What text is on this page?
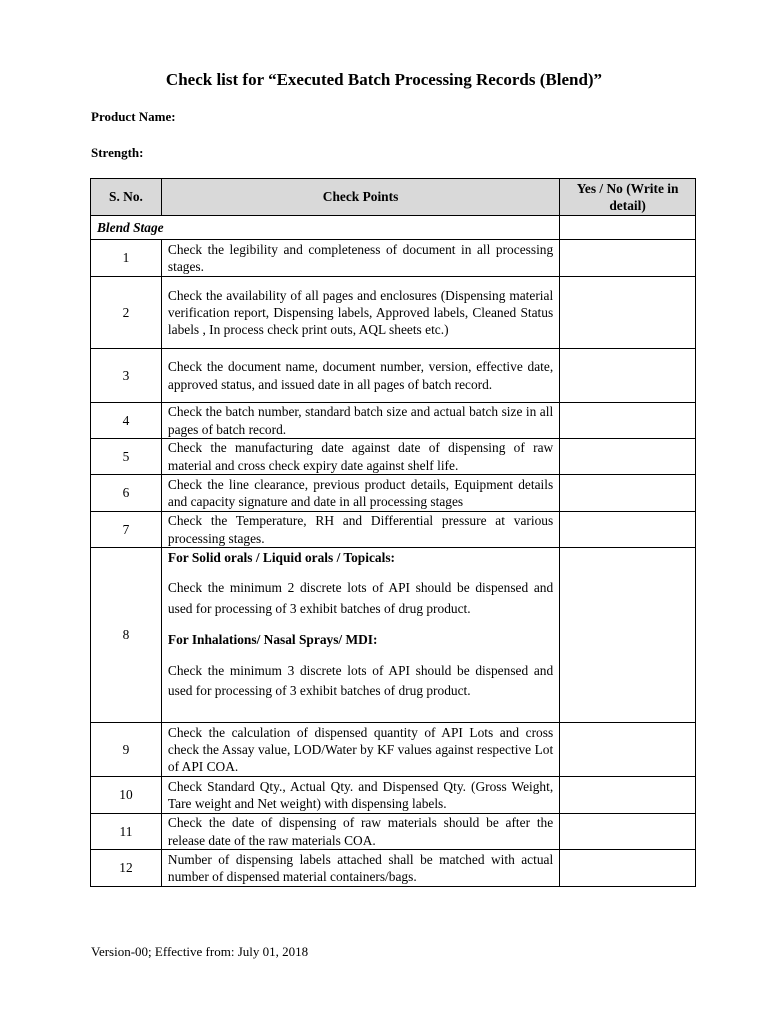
Check list for “Executed Batch Processing Records (Blend)”
Product Name:
Strength:
S. No.	Check Points	Yes / No (Write in detail)
Blend Stage		
1	Check the legibility and completeness of document in all processing stages.	
2	Check the availability of all pages and enclosures (Dispensing material verification report, Dispensing labels, Approved labels, Cleaned Status labels , In process check print outs, AQL sheets etc.)	
3	Check the document name, document number, version, effective date, approved status, and issued date in all pages of batch record.	
4	Check the batch number, standard batch size and actual batch size in all pages of batch record.	
5	Check the manufacturing date against date of dispensing of raw material and cross check expiry date against shelf life.	
6	Check the line clearance, previous product details, Equipment details and capacity signature and date in all processing stages	
7	Check the Temperature, RH and Differential pressure at various processing stages.	
8	For Solid orals / Liquid orals / Topicals:
Check the minimum 2 discrete lots of API should be dispensed and used for processing of 3 exhibit batches of drug product.
For Inhalations/ Nasal Sprays/ MDI:
Check the minimum 3 discrete lots of API should be dispensed and used for processing of 3 exhibit batches of drug product.	

9	Check the calculation of dispensed quantity of API Lots and cross check the Assay value, LOD/Water by KF values against respective Lot of API COA.	
10	Check Standard Qty., Actual Qty. and Dispensed Qty. (Gross Weight, Tare weight and Net weight) with dispensing labels.	
11	Check the date of dispensing of raw materials should be after the release date of the raw materials COA.	
12	Number of dispensing labels attached shall be matched with actual number of dispensed material containers/bags.	
Version-00; Effective from: July 01, 2018
